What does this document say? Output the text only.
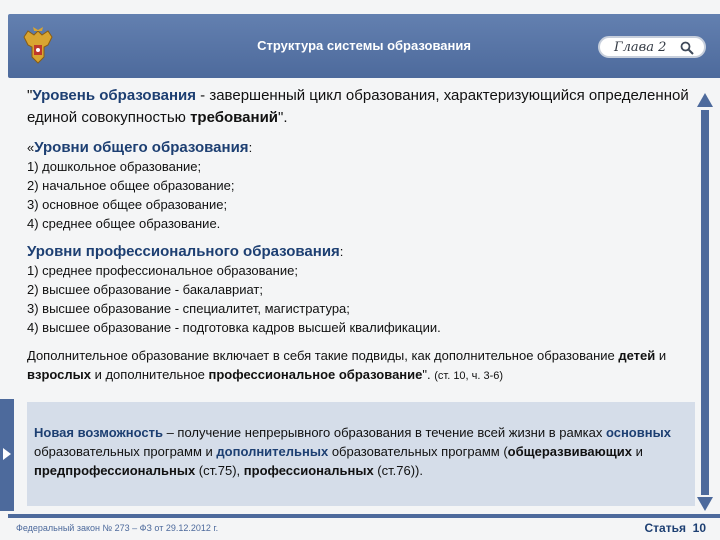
Структура системы образования	Глава 2

"Уровень образования - завершенный цикл образования, характеризующийся определенной единой совокупностью требований".

«Уровни общего образования:

1) дошкольное образование;
2) начальное общее образование;
3) основное общее образование;
4) среднее общее образование.

Уровни профессионального образования:

1) среднее профессиональное образование;
2) высшее образование - бакалавриат;
3) высшее образование - специалитет, магистратура;
4) высшее образование - подготовка кадров высшей квалификации.

Дополнительное образование включает в себя такие подвиды, как дополнительное образование детей и взрослых и дополнительное профессиональное образование". (ст. 10, ч. 3-6)

Новая возможность – получение непрерывного образования в течение всей жизни в рамках основных образовательных программ и дополнительных образовательных программ (общеразвивающих и предпрофессиональных (ст.75), профессиональных (ст.76)).

Федеральный закон № 273 – ФЗ от 29.12.2012 г.	Статья  10
